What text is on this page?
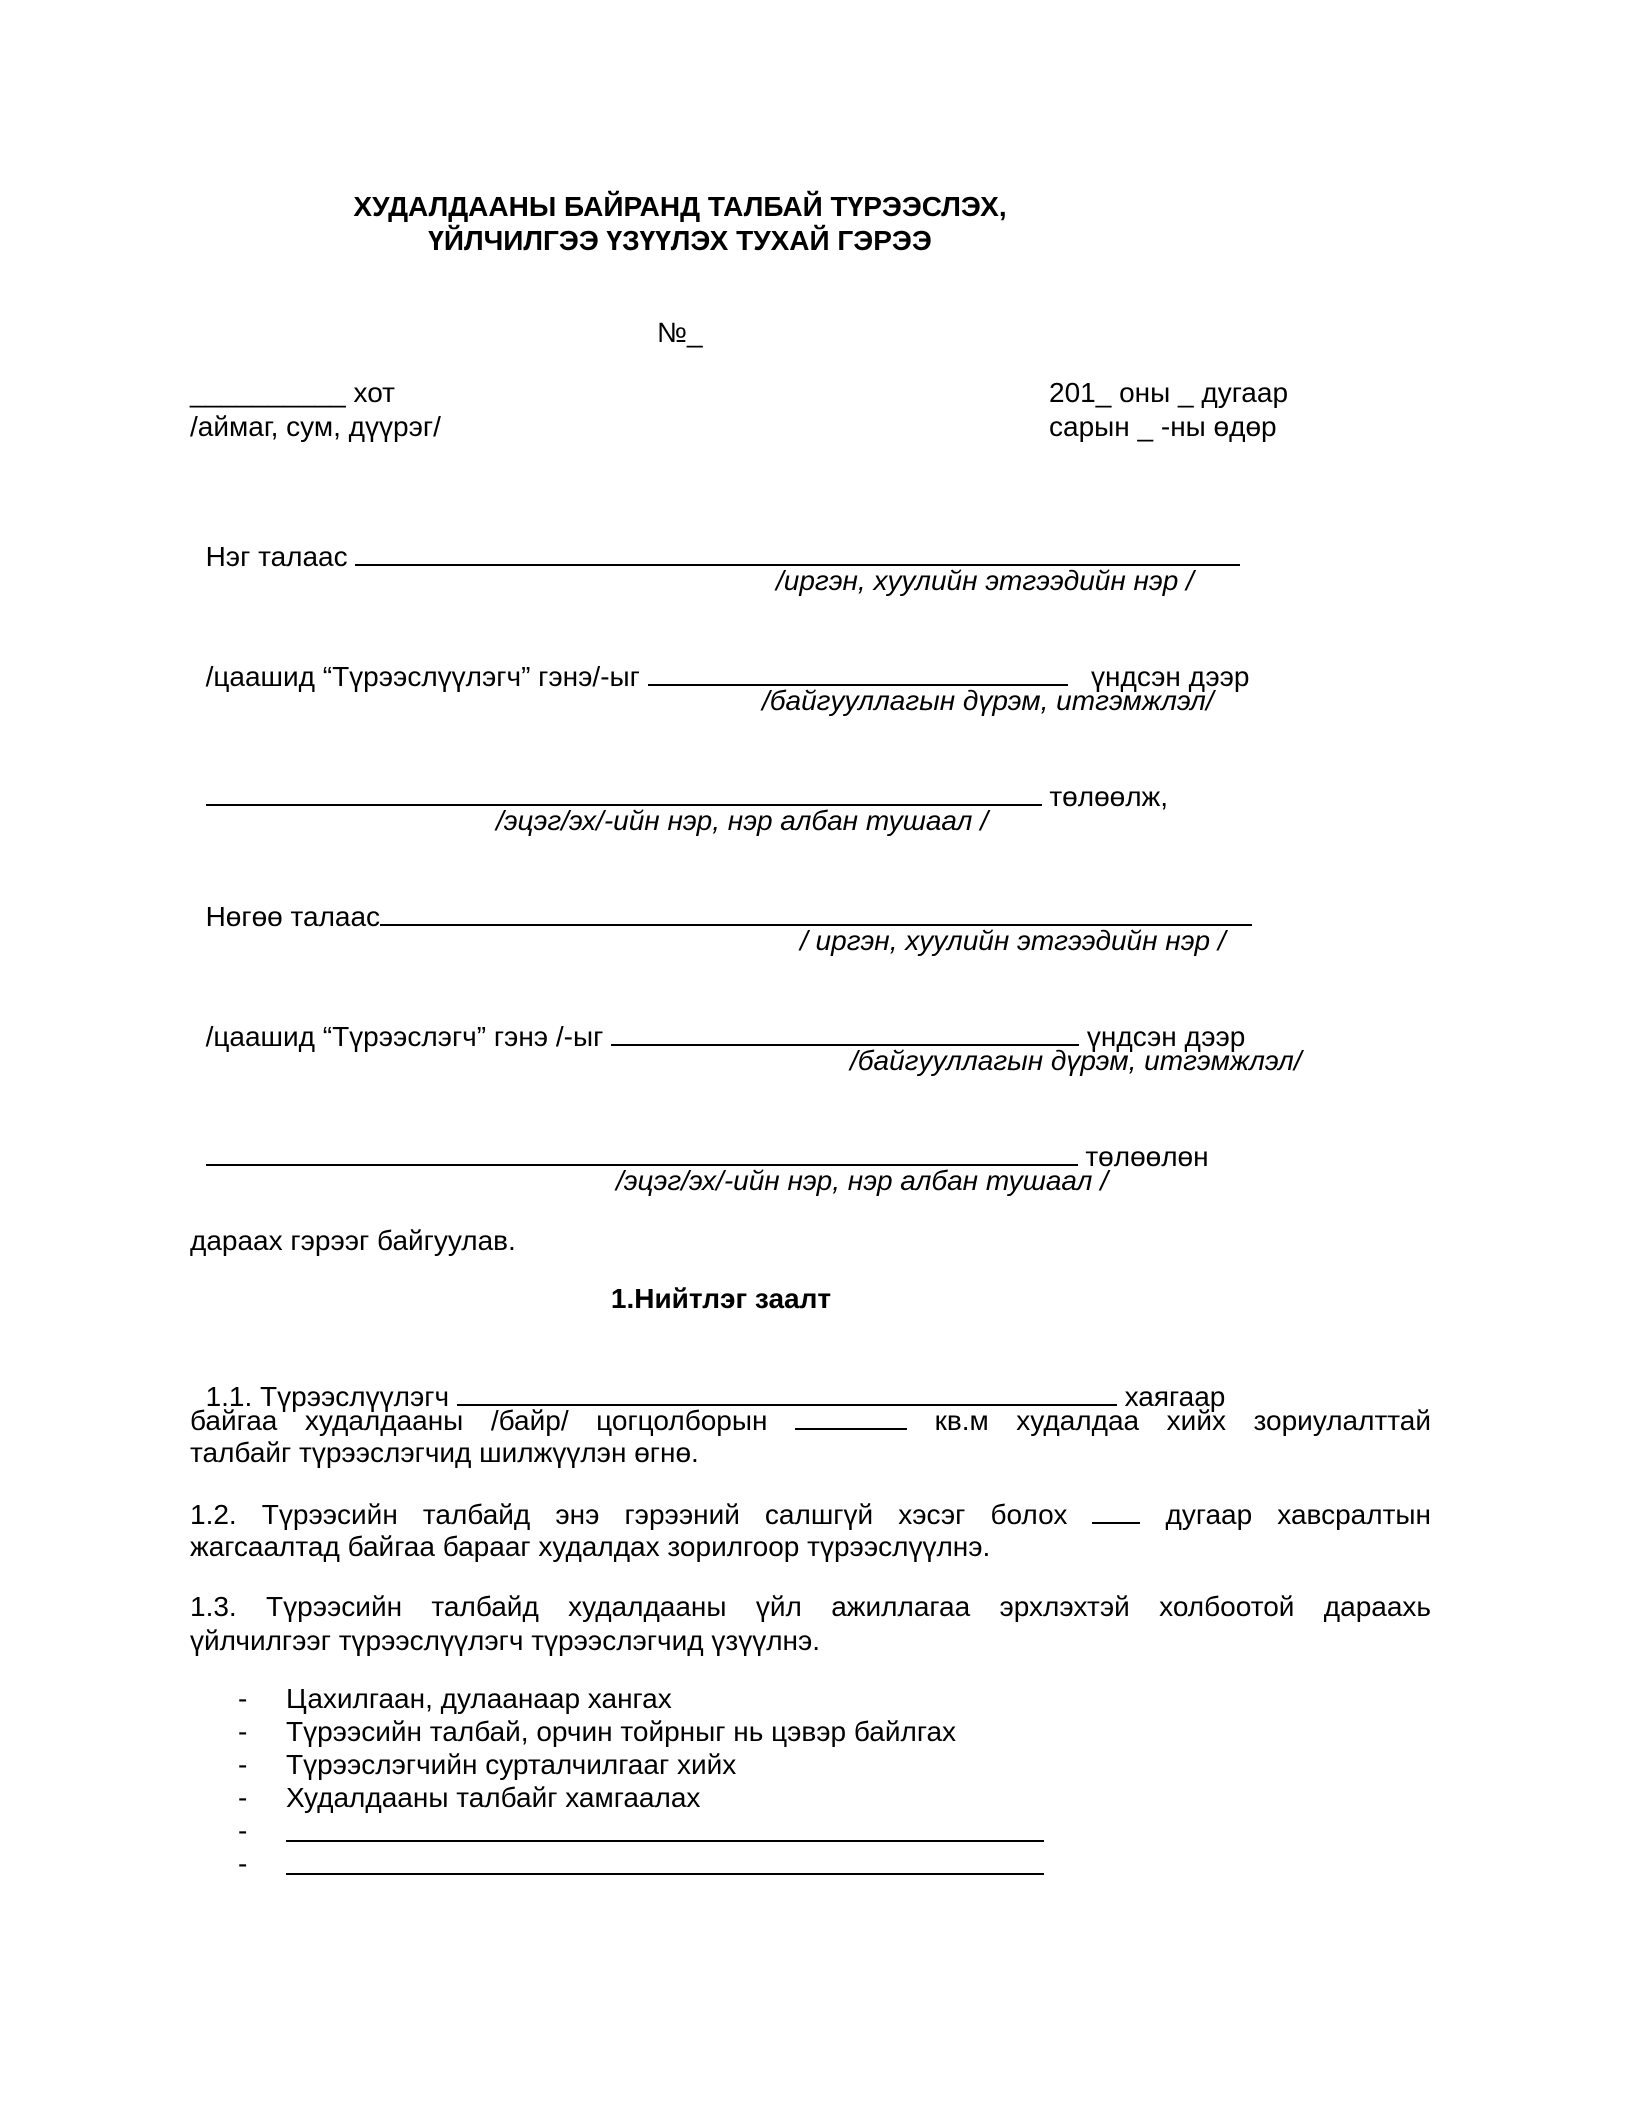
ХУДАЛДААНЫ БАЙРАНД ТАЛБАЙ ТҮРЭЭСЛЭХ,
ҮЙЛЧИЛГЭЭ ҮЗҮҮЛЭХ ТУХАЙ ГЭРЭЭ
№_
__________ хот
/аймаг, сум, дүүрэг/
201_ оны _ дугаар
сарын _ -ны өдөр

Нэг талаас

/иргэн, хуулийн этгээдийн нэр /

/цаашид “Түрээслүүлэгч” гэнэ/-ыг	үндсэн дээр

/байгууллагын дүрэм, итгэмжлэл/

төлөөлж,

/эцэг/эх/-ийн нэр, нэр албан тушаал /

Нөгөө талаас

/ иргэн, хуулийн этгээдийн нэр /

/цаашид “Түрээслэгч” гэнэ /-ыг	үндсэн дээр

/байгууллагын дүрэм, итгэмжлэл/

төлөөлөн

/эцэг/эх/-ийн нэр, нэр албан тушаал /
дараах гэрээг байгуулав.
1.Нийтлэг заалт

1.1. Түрээслүүлэгч	хаягаар

байгаа худалдааны /байр/ цогцолборын	кв.м худалдаа хийх зориулалттай
талбайг түрээслэгчид шилжүүлэн өгнө.
1.2. Түрээсийн талбайд энэ гэрээний салшгүй хэсэг болох	дугаар хавсралтын
жагсаалтад байгаа барааг худалдах зорилгоор түрээслүүлнэ.
1.3. Түрээсийн талбайд худалдааны үйл ажиллагаа эрхлэхтэй холбоотой дараахь
үйлчилгээг түрээслүүлэгч түрээслэгчид үзүүлнэ.
- Цахилгаан, дулаанаар хангах
- Түрээсийн талбай, орчин тойрныг нь цэвэр байлгах
- Түрээслэгчийн сурталчилгааг хийх
- Худалдааны талбайг хамгаалах
-
-
